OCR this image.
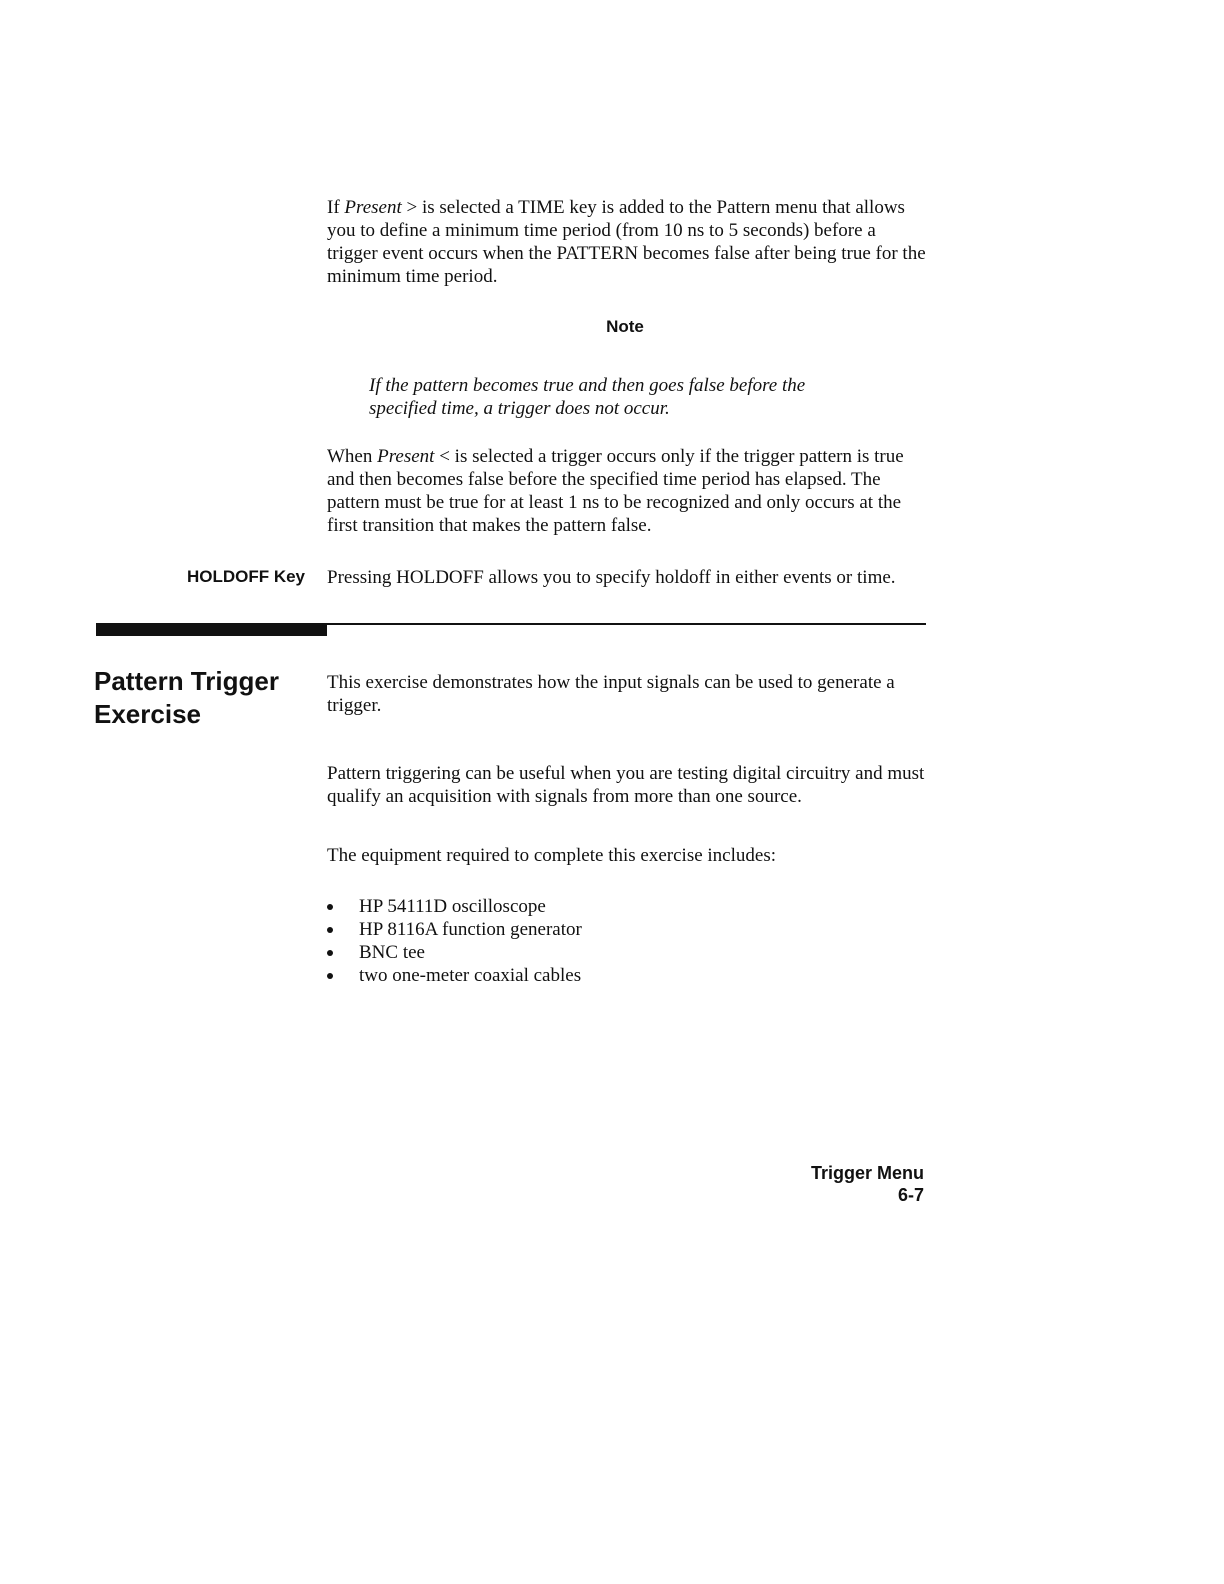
If Present > is selected a TIME key is added to the Pattern menu that allows you to define a minimum time period (from 10 ns to 5 seconds) before a trigger event occurs when the PATTERN becomes false after being true for the minimum time period.

Note
If the pattern becomes true and then goes false before the specified time, a trigger does not occur.

When Present < is selected a trigger occurs only if the trigger pattern is true and then becomes false before the specified time period has elapsed. The pattern must be true for at least 1 ns to be recognized and only occurs at the first transition that makes the pattern false.

HOLDOFF Key Pressing HOLDOFF allows you to specify holdoff in either events or time.
Pattern Trigger Exercise
This exercise demonstrates how the input signals can be used to generate a trigger.
Pattern triggering can be useful when you are testing digital circuitry and must qualify an acquisition with signals from more than one source.
The equipment required to complete this exercise includes:
HP 54111D oscilloscope
HP 8116A function generator
BNC tee
two one-meter coaxial cables
Trigger Menu
6-7
